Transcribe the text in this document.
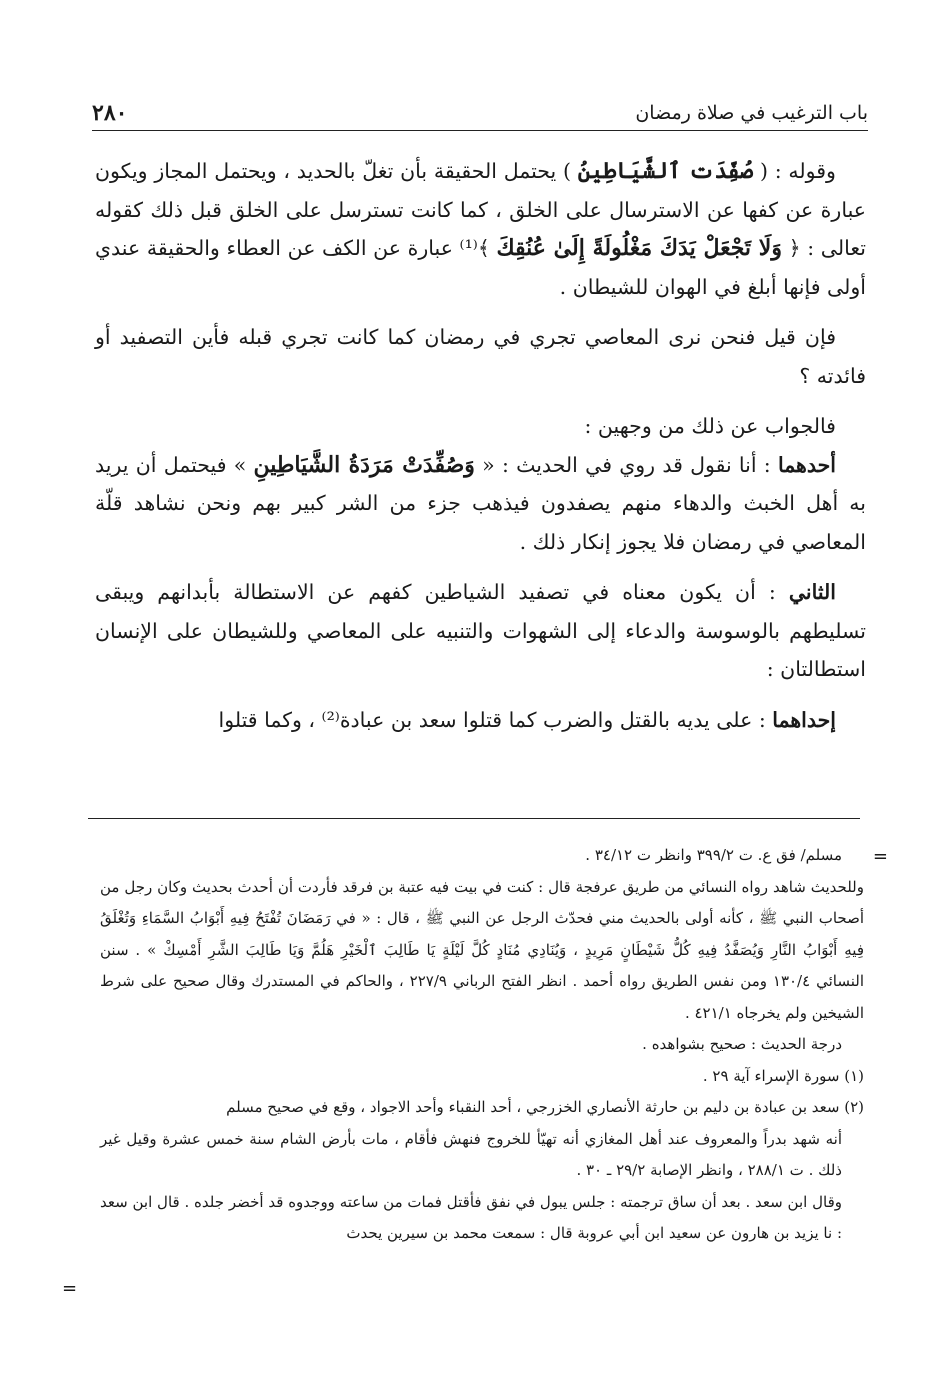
باب الترغيب في صلاة رمضان
٢٨٠

وقوله : ( صُفِّدَت ٱلشَّيَاطِينُ ) يحتمل الحقيقة بأن تغلّ بالحديد ، ويحتمل المجاز ويكون عبارة عن كفها عن الاسترسال على الخلق ، كما كانت تسترسل على الخلق قبل ذلك كقوله تعالى : ﴿ وَلَا تَجْعَلْ يَدَكَ مَغْلُولَةً إِلَىٰ عُنُقِكَ ﴾⁽¹⁾ عبارة عن الكف عن العطاء والحقيقة عندي أولى فإنها أبلغ في الهوان للشيطان .

فإن قيل فنحن نرى المعاصي تجري في رمضان كما كانت تجري قبله فأين التصفيد أو فائدته ؟

فالجواب عن ذلك من وجهين :

أحدهما : أنا نقول قد روي في الحديث : « وَصُفِّدَتْ مَرَدَةُ الشَّيَاطِينِ » فيحتمل أن يريد به أهل الخبث والدهاء منهم يصفدون فيذهب جزء من الشر كبير بهم ونحن نشاهد قلّة المعاصي في رمضان فلا يجوز إنكار ذلك .

الثاني : أن يكون معناه في تصفيد الشياطين كفهم عن الاستطالة بأبدانهم ويبقى تسليطهم بالوسوسة والدعاء إلى الشهوات والتنبيه على المعاصي وللشيطان على الإنسان استطالتان :

إحداهما : على يديه بالقتل والضرب كما قتلوا سعد بن عبادة⁽²⁾ ، وكما قتلوا

=
=

مسلم/ فق ع. ت ٣٩٩/٢ وانظر ت ٣٤/١٢ .

وللحديث شاهد رواه النسائي من طريق عرفجة قال : كنت في بيت فيه عتبة بن فرقد فأردت أن أحدث بحديث وكان رجل من أصحاب النبي ﷺ ، كأنه أولى بالحديث مني فحدّث الرجل عن النبي ﷺ ، قال : « في رَمَضَانَ تُفْتَحُ فِيهِ أَبْوَابُ السَّمَاءِ وَتُغْلَقُ فِيهِ أَبْوَابُ النَّارِ وَيُصَفَّدُ فِيهِ كُلُّ شَيْطَانٍ مَرِيدٍ ، وَيُنَادِي مُنَادٍ كُلَّ لَيْلَةٍ يَا طَالِبَ ٱلْخَيْرِ هَلُمَّ وَيَا طَالِبَ الشَّرِ أَمْسِكْ » . سنن النسائي ١٣٠/٤ ومن نفس الطريق رواه أحمد . انظر الفتح الرباني ٢٢٧/٩ ، والحاكم في المستدرك وقال صحيح على شرط الشيخين ولم يخرجاه ٤٢١/١ .

درجة الحديث : صحيح بشواهده .

(١) سورة الإسراء آية ٢٩ .

(٢) سعد بن عبادة بن دليم بن حارثة الأنصاري الخزرجي ، أحد النقباء وأحد الاجواد ، وقع في صحيح مسلم

أنه شهد بدراً والمعروف عند أهل المغازي أنه تهيّأ للخروج فنهش فأقام ، مات بأرض الشام سنة خمس عشرة وقيل غير ذلك . ت ٢٨٨/١ ، وانظر الإصابة ٢٩/٢ ـ ٣٠ .

وقال ابن سعد . بعد أن ساق ترجمته : جلس يبول في نفق فأقتل فمات من ساعته ووجدوه قد أخضر جلده . قال ابن سعد : نا يزيد بن هارون عن سعيد ابن أبي عروبة قال : سمعت محمد بن سيرين يحدث
